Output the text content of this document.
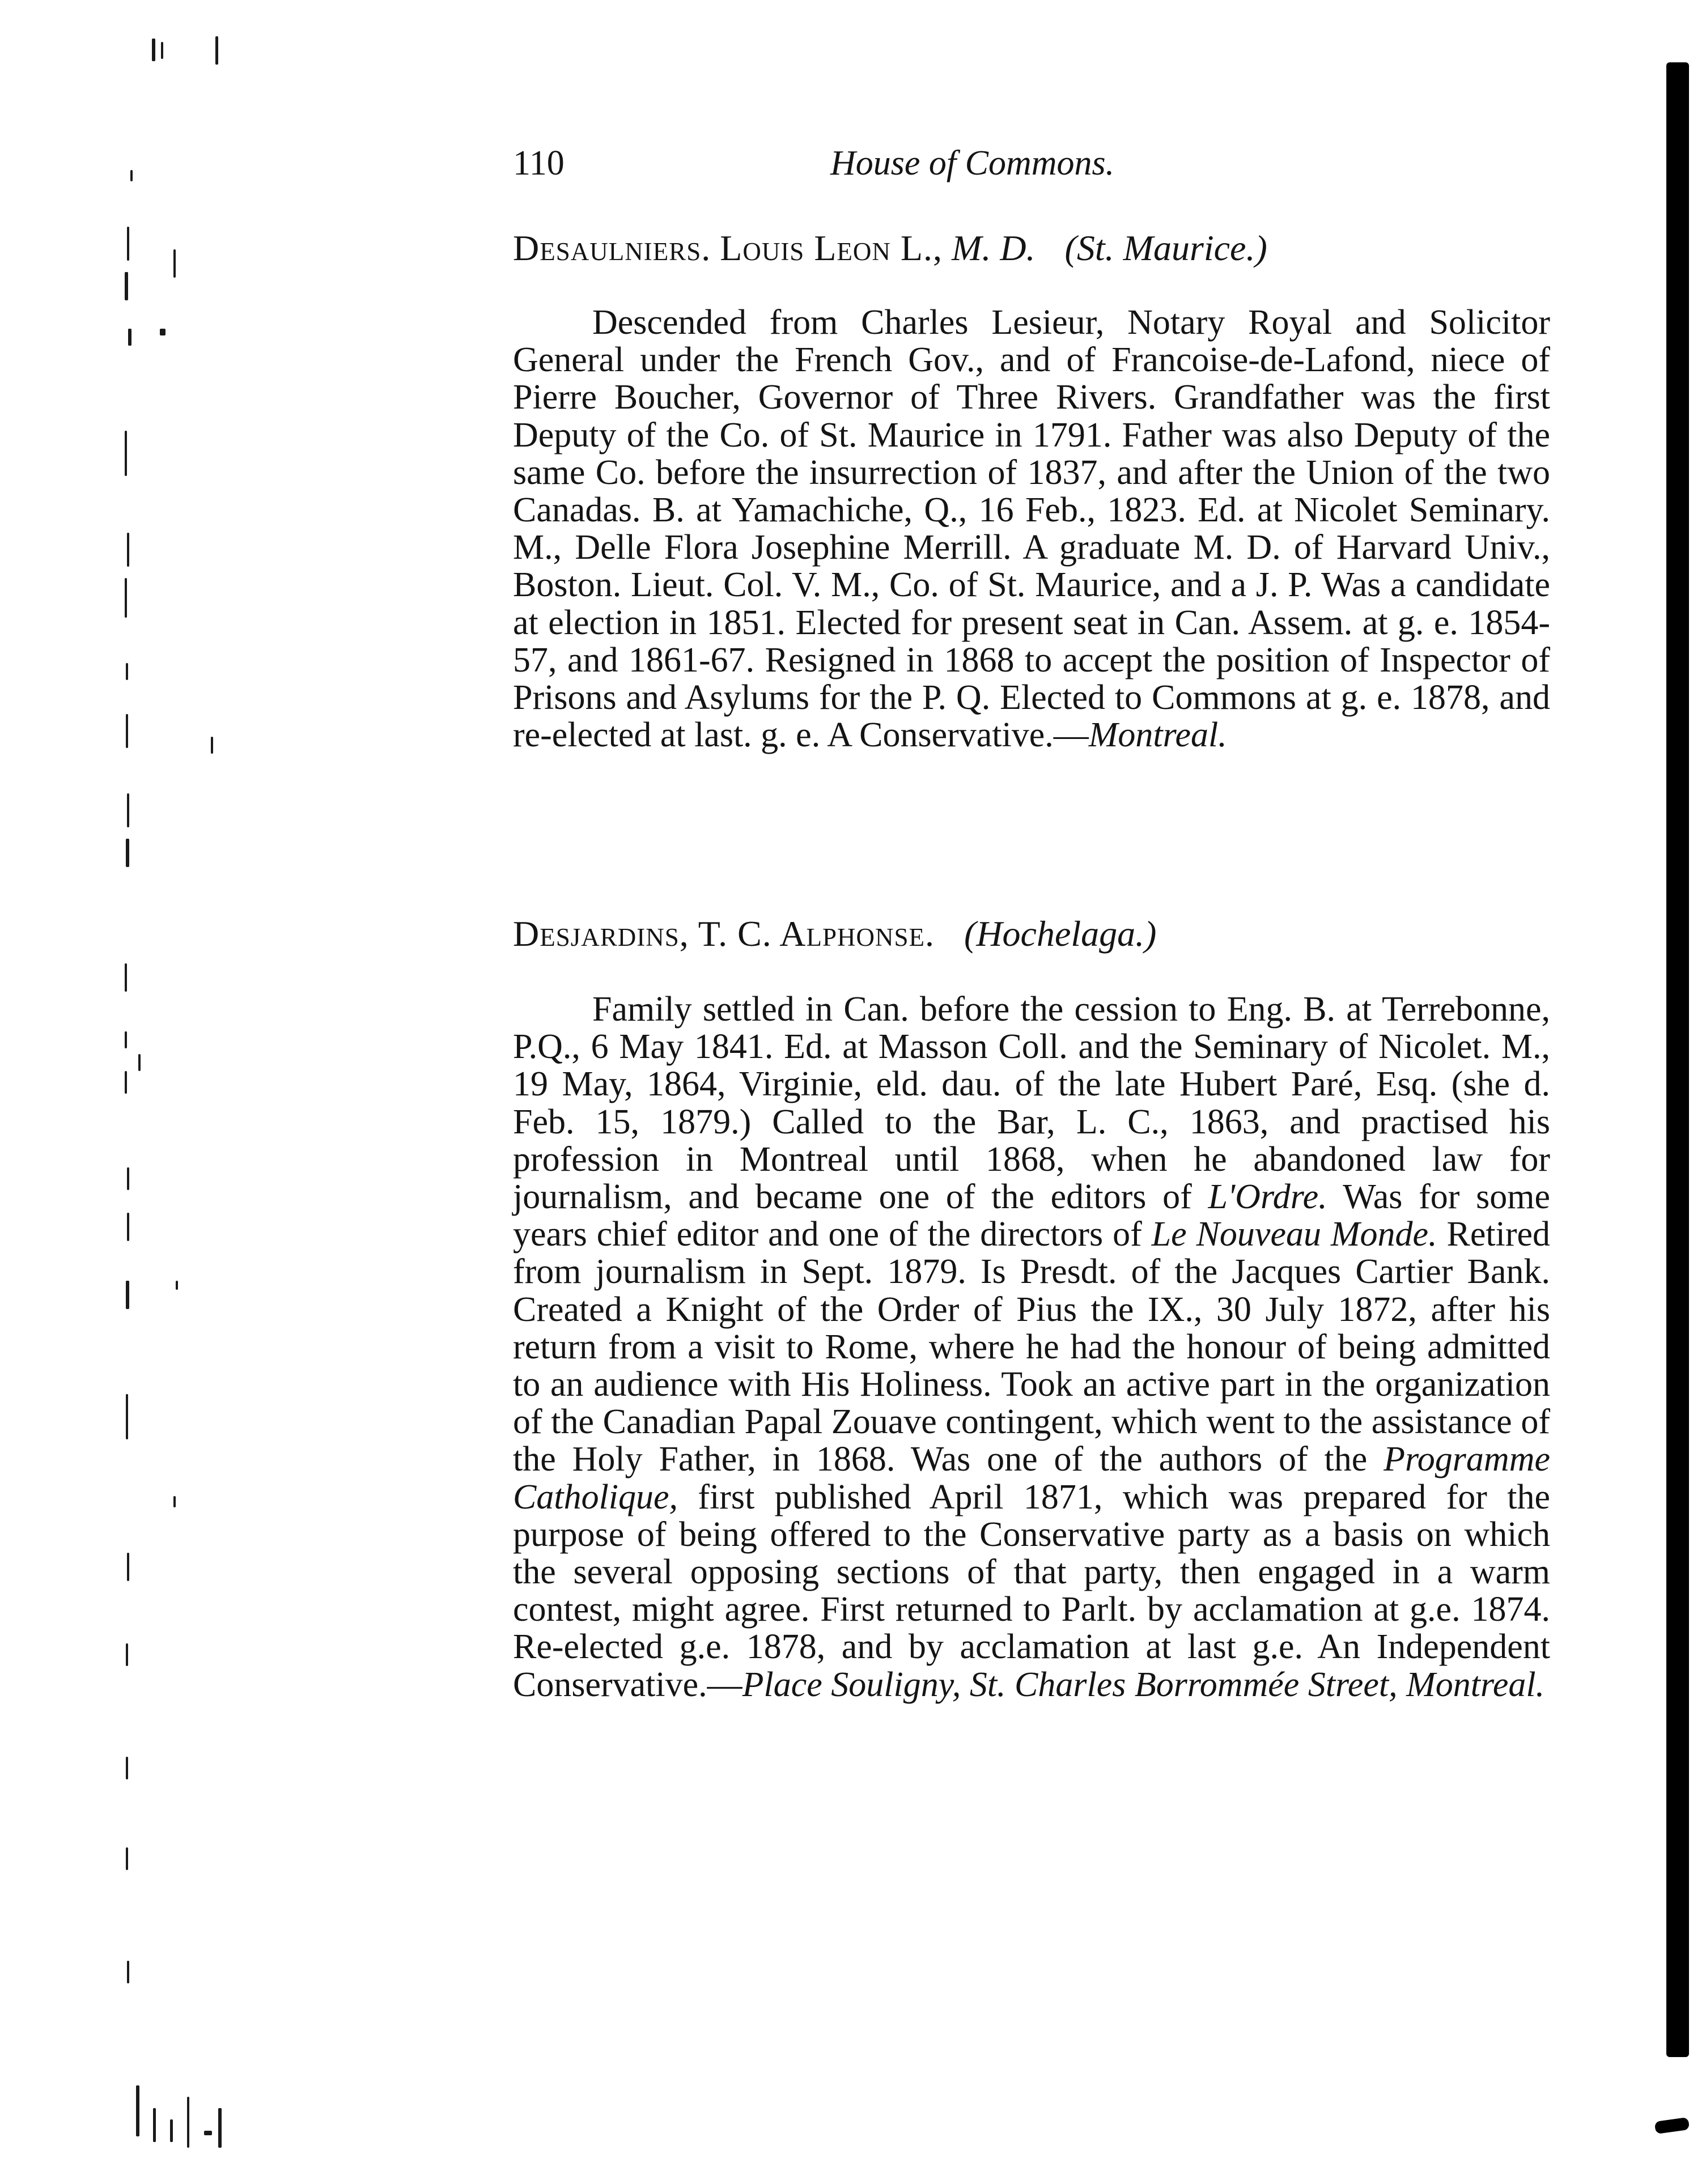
110	House of Commons.
Desaulniers. Louis Leon L., M. D. (St. Maurice.)

Descended from Charles Lesieur, Notary Royal and Solicitor General under the French Gov., and of Francoise-de-Lafond, niece of Pierre Boucher, Governor of Three Rivers. Grandfather was the first Deputy of the Co. of St. Maurice in 1791. Father was also Deputy of the same Co. before the insurrection of 1837, and after the Union of the two Canadas. B. at Yamachiche, Q., 16 Feb., 1823. Ed. at Nicolet Seminary. M., Delle Flora Josephine Merrill. A graduate M. D. of Harvard Univ., Boston. Lieut. Col. V. M., Co. of St. Maurice, and a J. P. Was a candidate at election in 1851. Elected for present seat in Can. Assem. at g. e. 1854-57, and 1861-67. Resigned in 1868 to accept the position of Inspector of Prisons and Asylums for the P. Q. Elected to Commons at g. e. 1878, and re-elected at last. g. e. A Conservative.—Montreal.

Desjardins, T. C. Alphonse. (Hochelaga.)

Family settled in Can. before the cession to Eng. B. at Terrebonne, P.Q., 6 May 1841. Ed. at Masson Coll. and the Seminary of Nicolet. M., 19 May, 1864, Virginie, eld. dau. of the late Hubert Paré, Esq. (she d. Feb. 15, 1879.) Called to the Bar, L. C., 1863, and practised his profession in Montreal until 1868, when he abandoned law for journalism, and became one of the editors of L'Ordre. Was for some years chief editor and one of the directors of Le Nouveau Monde. Retired from journalism in Sept. 1879. Is Presdt. of the Jacques Cartier Bank. Created a Knight of the Order of Pius the IX., 30 July 1872, after his return from a visit to Rome, where he had the honour of being admitted to an audience with His Holiness. Took an active part in the organization of the Canadian Papal Zouave contingent, which went to the assistance of the Holy Father, in 1868. Was one of the authors of the Programme Catholique, first published April 1871, which was prepared for the purpose of being offered to the Conservative party as a basis on which the several opposing sections of that party, then engaged in a warm contest, might agree. First returned to Parlt. by acclamation at g.e. 1874. Re-elected g.e. 1878, and by acclamation at last g.e. An Independent Conservative.—Place Souligny, St. Charles Borrommée Street, Montreal.
